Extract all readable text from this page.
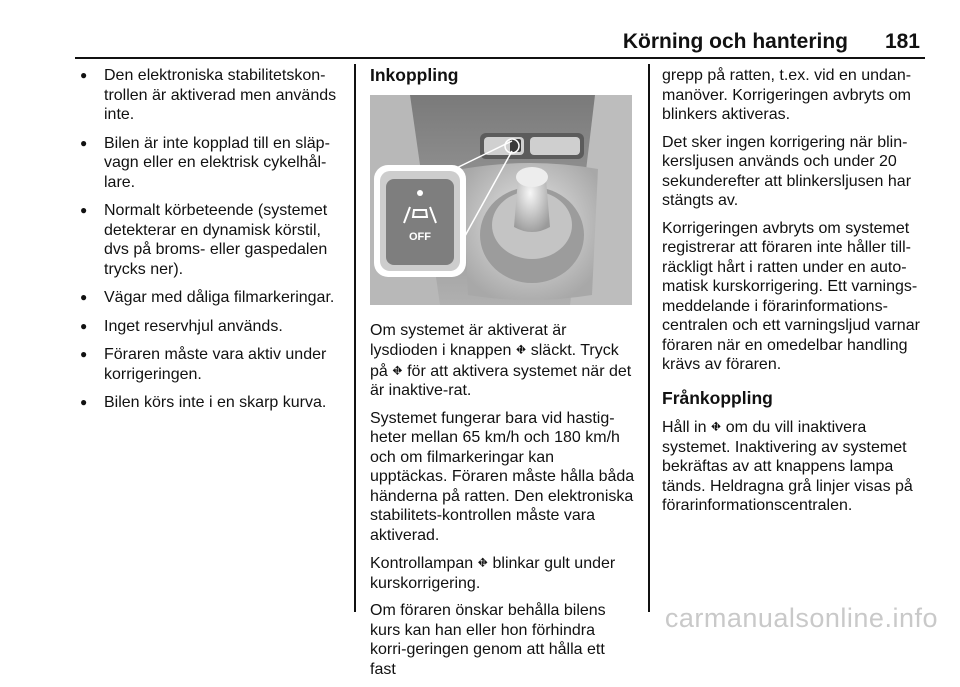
Körning och hantering 181
● Den elektroniska stabilitetskon-trollen är aktiverad men används inte.
● Bilen är inte kopplad till en släp-vagn eller en elektrisk cykelhål-lare.
● Normalt körbeteende (systemet detekterar en dynamisk körstil, dvs på broms- eller gaspedalen trycks ner).
● Vägar med dåliga filmarkeringar.
● Inget reservhjul används.
● Föraren måste vara aktiv under korrigeringen.
● Bilen körs inte i en skarp kurva.
Inkoppling
OFF

Om systemet är aktiverat är lysdioden i knappen ⛖ släckt. Tryck på ⛖ för att aktivera systemet när det är inaktive-rat.

Systemet fungerar bara vid hastig-heter mellan 65 km/h och 180 km/h och om filmarkeringar kan upptäckas. Föraren måste hålla båda händerna på ratten. Den elektroniska stabilitets-kontrollen måste vara aktiverad.

Kontrollampan ⛖ blinkar gult under kurskorrigering.

Om föraren önskar behålla bilens kurs kan han eller hon förhindra korri-geringen genom att hålla ett fast

grepp på ratten, t.ex. vid en undan-manöver. Korrigeringen avbryts om blinkers aktiveras.

Det sker ingen korrigering när blin-kersljusen används och under 20 sekunderefter att blinkersljusen har stängts av.

Korrigeringen avbryts om systemet registrerar att föraren inte håller till-räckligt hårt i ratten under en auto-matisk kurskorrigering. Ett varnings-meddelande i förarinformations-centralen och ett varningsljud varnar föraren när en omedelbar handling krävs av föraren.

Frånkoppling

Håll in ⛖ om du vill inaktivera systemet. Inaktivering av systemet bekräftas av att knappens lampa tänds. Heldragna grå linjer visas på förarinformationscentralen.

carmanualsonline.info
